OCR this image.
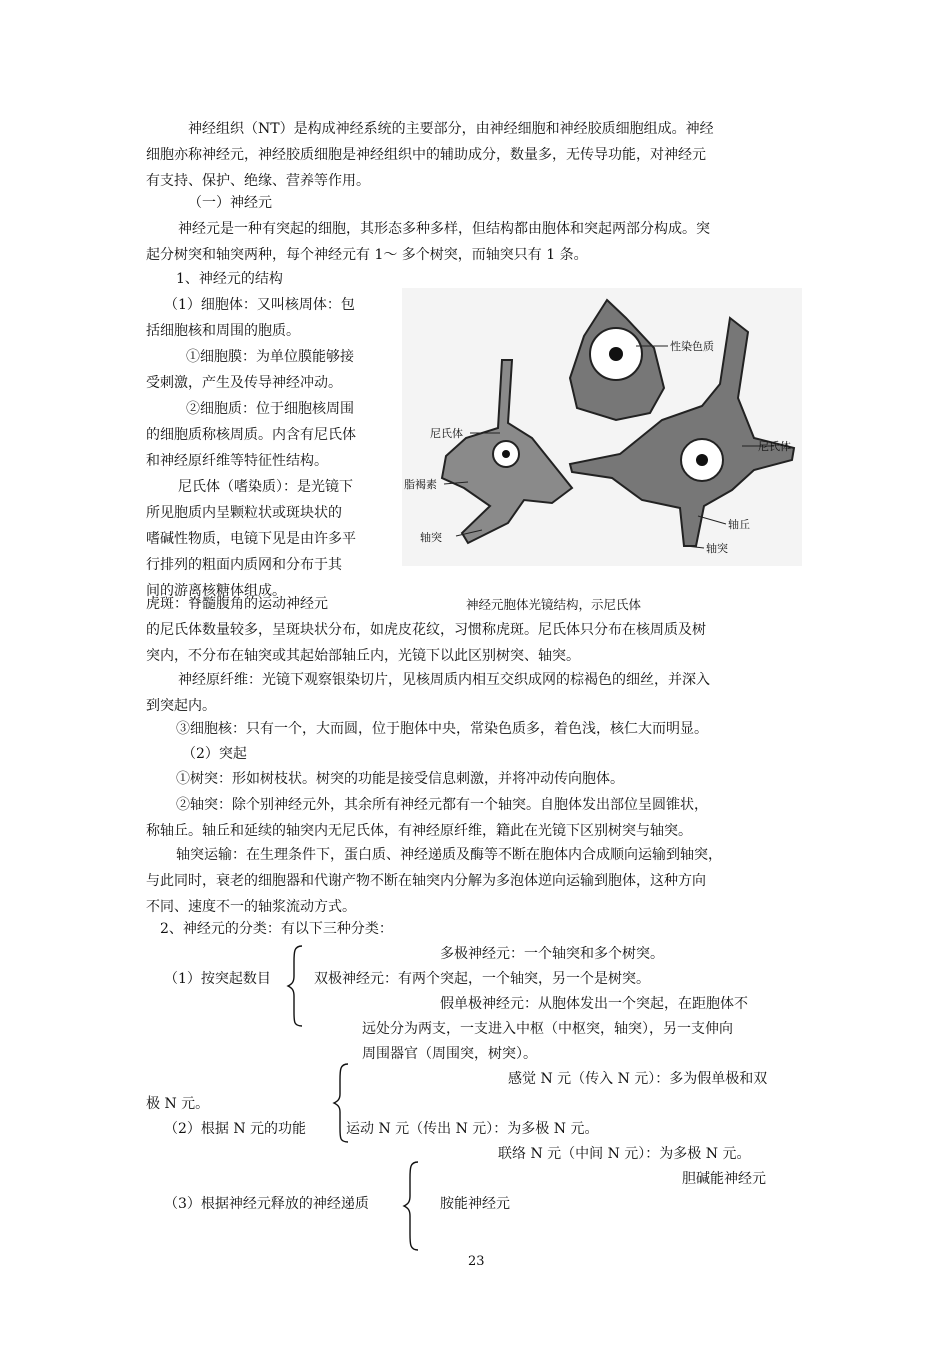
神经组织（NT）是构成神经系统的主要部分，由神经细胞和神经胶质细胞组成。神经
细胞亦称神经元，神经胶质细胞是神经组织中的辅助成分，数量多，无传导功能，对神经元
有支持、保护、绝缘、营养等作用。
（一）神经元
神经元是一种有突起的细胞，其形态多种多样，但结构都由胞体和突起两部分构成。突
起分树突和轴突两种，每个神经元有 1～ 多个树突，而轴突只有 1 条。
1、神经元的结构
（1）细胞体：又叫核周体：包
括细胞核和周围的胞质。
①细胞膜：为单位膜能够接
受刺激，产生及传导神经冲动。
②细胞质：位于细胞核周围
的细胞质称核周质。内含有尼氏体
和神经原纤维等特征性结构。
尼氏体（嗜染质）：是光镜下
所见胞质内呈颗粒状或斑块状的
嗜碱性物质，电镜下见是由许多平
行排列的粗面内质网和分布于其
间的游离核糖体组成。
性染色质
尼氏体
尼氏体
脂褐素
轴突
轴丘
轴突
虎斑：脊髓腹角的运动神经元	神经元胞体光镜结构，示尼氏体
的尼氏体数量较多，呈斑块状分布，如虎皮花纹，习惯称虎斑。尼氏体只分布在核周质及树
突内，不分布在轴突或其起始部轴丘内，光镜下以此区别树突、轴突。
神经原纤维：光镜下观察银染切片，见核周质内相互交织成网的棕褐色的细丝，并深入
到突起内。
③细胞核：只有一个，大而圆，位于胞体中央，常染色质多，着色浅，核仁大而明显。
（2）突起
①树突：形如树枝状。树突的功能是接受信息刺激，并将冲动传向胞体。
②轴突：除个别神经元外，其余所有神经元都有一个轴突。自胞体发出部位呈圆锥状，
称轴丘。轴丘和延续的轴突内无尼氏体，有神经原纤维，籍此在光镜下区别树突与轴突。
轴突运输：在生理条件下，蛋白质、神经递质及酶等不断在胞体内合成顺向运输到轴突，
与此同时，衰老的细胞器和代谢产物不断在轴突内分解为多泡体逆向运输到胞体，这种方向
不同、速度不一的轴浆流动方式。
2、神经元的分类：有以下三种分类：
多极神经元：一个轴突和多个树突。
（1）按突起数目	双极神经元：有两个突起，一个轴突，另一个是树突。
假单极神经元：从胞体发出一个突起，在距胞体不
远处分为两支，一支进入中枢（中枢突，轴突），另一支伸向
周围器官（周围突，树突）。
感觉 N 元（传入 N 元）：多为假单极和双
极 N 元。
（2）根据 N 元的功能	运动 N 元（传出 N 元）：为多极 N 元。
联络 N 元（中间 N 元）：为多极 N 元。
胆碱能神经元
（3）根据神经元释放的神经递质	胺能神经元
23
